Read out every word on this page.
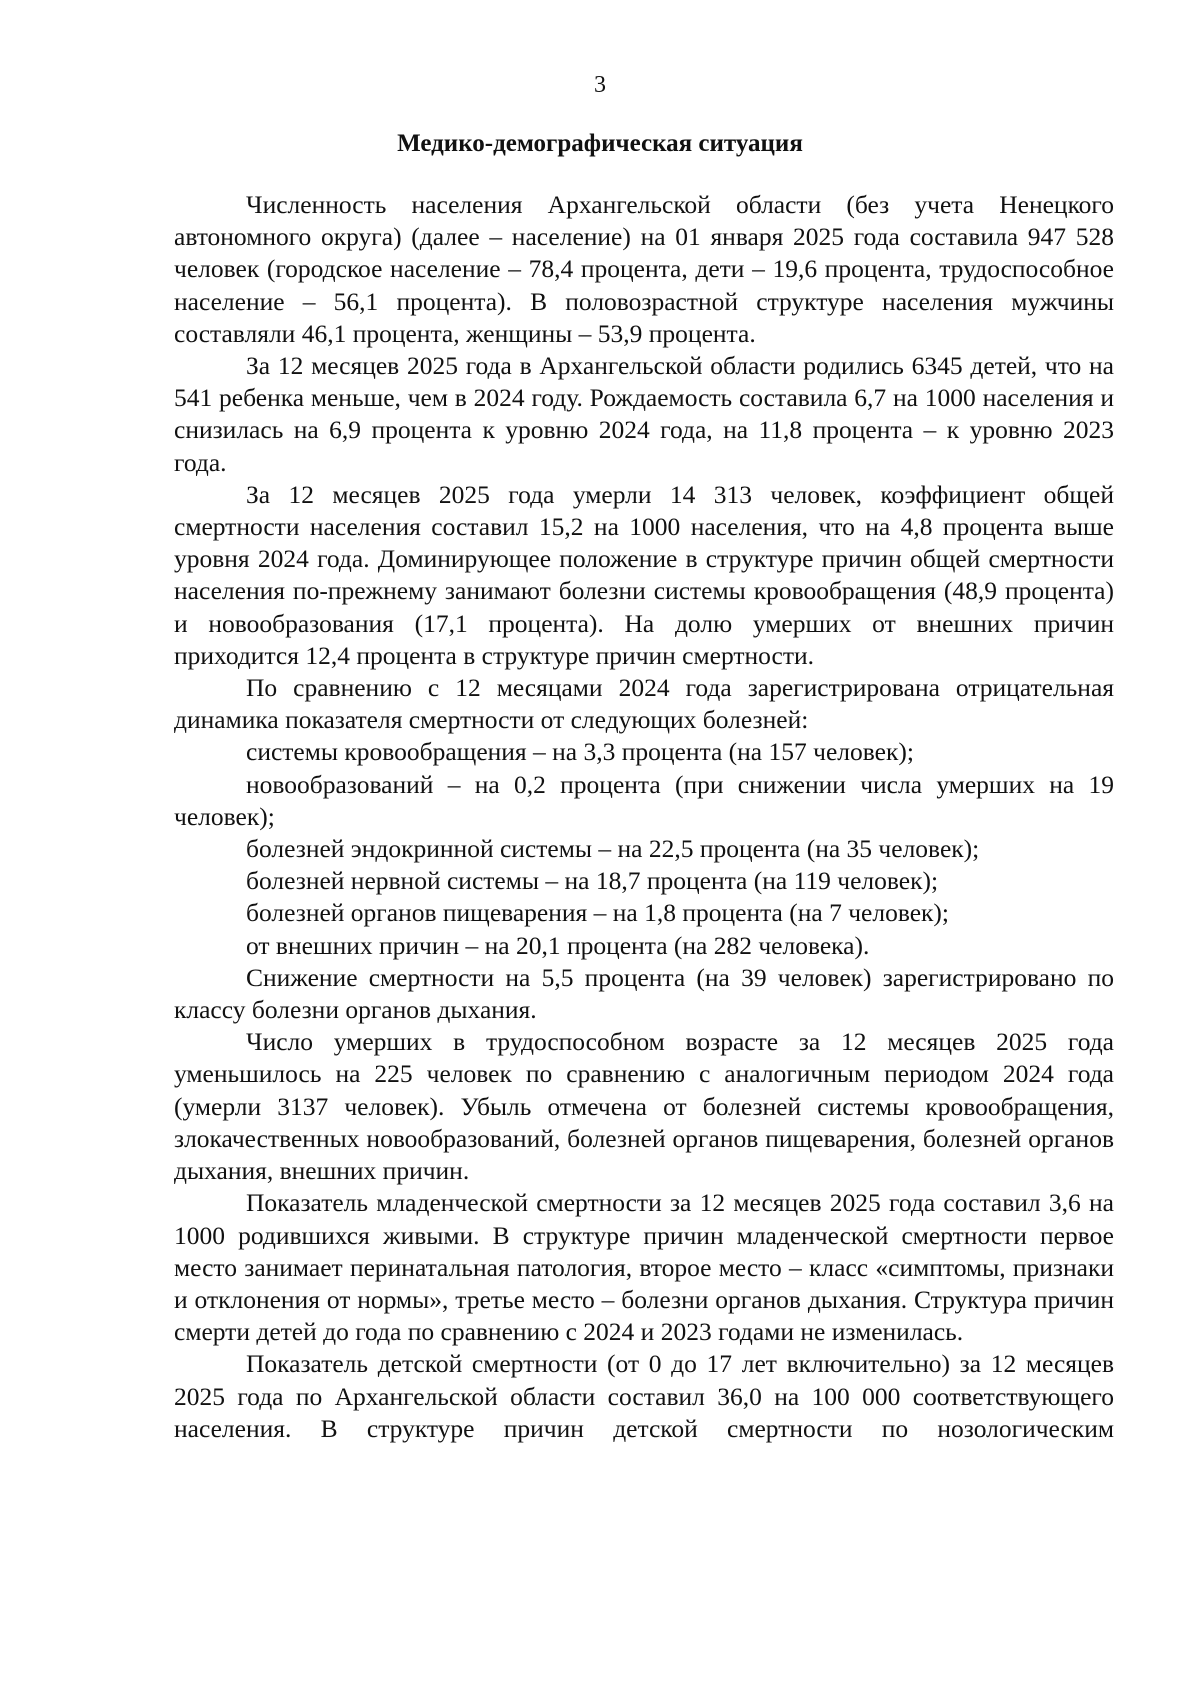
3
Медико-демографическая ситуация

Численность населения Архангельской области (без учета Ненецкого автономного округа) (далее – население) на 01 января 2025 года составила 947 528 человек (городское население – 78,4 процента, дети – 19,6 процента, трудоспособное население – 56,1 процента). В половозрастной структуре населения мужчины составляли 46,1 процента, женщины – 53,9 процента.

За 12 месяцев 2025 года в Архангельской области родились 6345 детей, что на 541 ребенка меньше, чем в 2024 году. Рождаемость составила 6,7 на 1000 населения и снизилась на 6,9 процента к уровню 2024 года, на 11,8 процента – к уровню 2023 года.

За 12 месяцев 2025 года умерли 14 313 человек, коэффициент общей смертности населения составил 15,2 на 1000 населения, что на 4,8 процента выше уровня 2024 года. Доминирующее положение в структуре причин общей смертности населения по-прежнему занимают болезни системы кровообращения (48,9 процента) и новообразования (17,1 процента). На долю умерших от внешних причин приходится 12,4 процента в структуре причин смертности.

По сравнению с 12 месяцами 2024 года зарегистрирована отрицательная динамика показателя смертности от следующих болезней:

системы кровообращения – на 3,3 процента (на 157 человек);

новообразований – на 0,2 процента (при снижении числа умерших на 19 человек);

болезней эндокринной системы – на 22,5 процента (на 35 человек);

болезней нервной системы – на 18,7 процента (на 119 человек);

болезней органов пищеварения – на 1,8 процента (на 7 человек);

от внешних причин – на 20,1 процента (на 282 человека).

Снижение смертности на 5,5 процента (на 39 человек) зарегистрировано по классу болезни органов дыхания.

Число умерших в трудоспособном возрасте за 12 месяцев 2025 года уменьшилось на 225 человек по сравнению с аналогичным периодом 2024 года (умерли 3137 человек). Убыль отмечена от болезней системы кровообращения, злокачественных новообразований, болезней органов пищеварения, болезней органов дыхания, внешних причин.

Показатель младенческой смертности за 12 месяцев 2025 года составил 3,6 на 1000 родившихся живыми. В структуре причин младенческой смертности первое место занимает перинатальная патология, второе место – класс «симптомы, признаки и отклонения от нормы», третье место – болезни органов дыхания. Структура причин смерти детей до года по сравнению с 2024 и 2023 годами не изменилась.

Показатель детской смертности (от 0 до 17 лет включительно) за 12 месяцев 2025 года по Архангельской области составил 36,0 на 100 000 соответствующего населения. В структуре причин детской смертности по нозологическим
